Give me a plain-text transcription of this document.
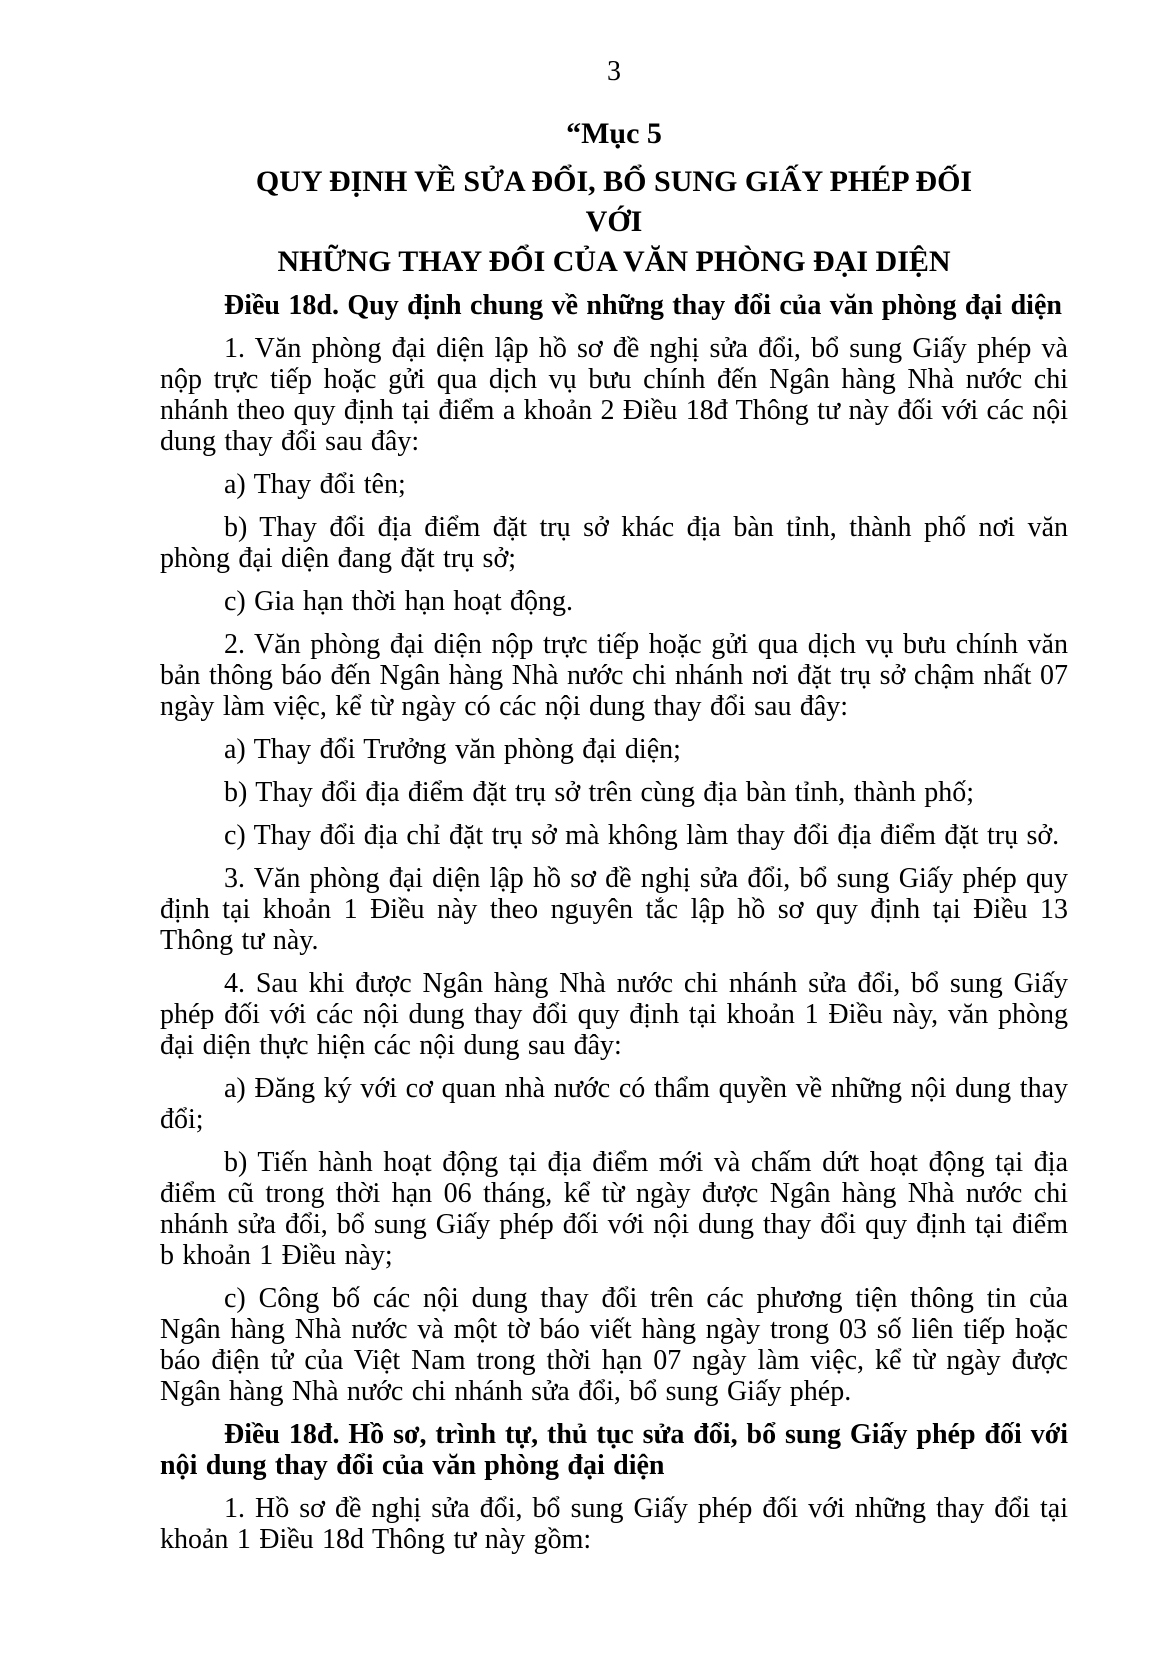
3
“Mục 5
QUY ĐỊNH VỀ SỬA ĐỔI, BỔ SUNG GIẤY PHÉP ĐỐI VỚI
NHỮNG THAY ĐỔI CỦA VĂN PHÒNG ĐẠI DIỆN

Điều 18d. Quy định chung về những thay đổi của văn phòng đại diện

1. Văn phòng đại diện lập hồ sơ đề nghị sửa đổi, bổ sung Giấy phép và nộp trực tiếp hoặc gửi qua dịch vụ bưu chính đến Ngân hàng Nhà nước chi nhánh theo quy định tại điểm a khoản 2 Điều 18đ Thông tư này đối với các nội dung thay đổi sau đây:

a) Thay đổi tên;

b) Thay đổi địa điểm đặt trụ sở khác địa bàn tỉnh, thành phố nơi văn phòng đại diện đang đặt trụ sở;

c) Gia hạn thời hạn hoạt động.

2. Văn phòng đại diện nộp trực tiếp hoặc gửi qua dịch vụ bưu chính văn bản thông báo đến Ngân hàng Nhà nước chi nhánh nơi đặt trụ sở chậm nhất 07 ngày làm việc, kể từ ngày có các nội dung thay đổi sau đây:

a) Thay đổi Trưởng văn phòng đại diện;

b) Thay đổi địa điểm đặt trụ sở trên cùng địa bàn tỉnh, thành phố;

c) Thay đổi địa chỉ đặt trụ sở mà không làm thay đổi địa điểm đặt trụ sở.

3. Văn phòng đại diện lập hồ sơ đề nghị sửa đổi, bổ sung Giấy phép quy định tại khoản 1 Điều này theo nguyên tắc lập hồ sơ quy định tại Điều 13 Thông tư này.

4. Sau khi được Ngân hàng Nhà nước chi nhánh sửa đổi, bổ sung Giấy phép đối với các nội dung thay đổi quy định tại khoản 1 Điều này, văn phòng đại diện thực hiện các nội dung sau đây:

a) Đăng ký với cơ quan nhà nước có thẩm quyền về những nội dung thay đổi;

b) Tiến hành hoạt động tại địa điểm mới và chấm dứt hoạt động tại địa điểm cũ trong thời hạn 06 tháng, kể từ ngày được Ngân hàng Nhà nước chi nhánh sửa đổi, bổ sung Giấy phép đối với nội dung thay đổi quy định tại điểm b khoản 1 Điều này;

c) Công bố các nội dung thay đổi trên các phương tiện thông tin của Ngân hàng Nhà nước và một tờ báo viết hàng ngày trong 03 số liên tiếp hoặc báo điện tử của Việt Nam trong thời hạn 07 ngày làm việc, kể từ ngày được Ngân hàng Nhà nước chi nhánh sửa đổi, bổ sung Giấy phép.

Điều 18đ. Hồ sơ, trình tự, thủ tục sửa đổi, bổ sung Giấy phép đối với nội dung thay đổi của văn phòng đại diện

1. Hồ sơ đề nghị sửa đổi, bổ sung Giấy phép đối với những thay đổi tại khoản 1 Điều 18d Thông tư này gồm:
